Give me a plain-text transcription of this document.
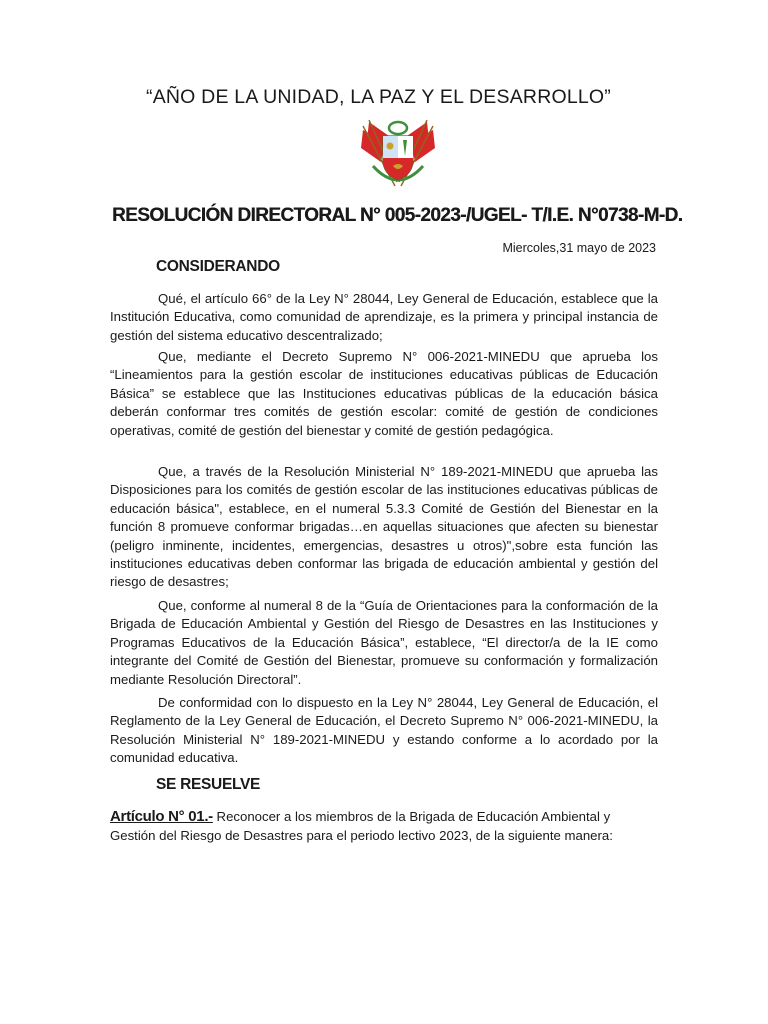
“AÑO DE LA UNIDAD, LA PAZ Y EL DESARROLLO”
RESOLUCIÓN DIRECTORAL N° 005-2023-/UGEL- T/I.E. N°0738-M-D.
Miercoles,31 mayo de 2023
CONSIDERANDO

Qué, el artículo 66° de la Ley N° 28044, Ley General de Educación, establece que la Institución Educativa, como comunidad de aprendizaje, es la primera y principal instancia de gestión del sistema educativo descentralizado;

Que, mediante el Decreto Supremo N° 006-2021-MINEDU que aprueba los “Lineamientos para la gestión escolar de instituciones educativas públicas de Educación Básica” se establece que las Instituciones educativas públicas de la educación básica deberán conformar tres comités de gestión escolar: comité de gestión de condiciones operativas, comité de gestión del bienestar y comité de gestión pedagógica.

Que, a través de la Resolución Ministerial N° 189-2021-MINEDU que aprueba las Disposiciones para los comités de gestión escolar de las instituciones educativas públicas de educación básica", establece, en el numeral 5.3.3 Comité de Gestión del Bienestar en la función 8 promueve conformar brigadas…en aquellas situaciones que afecten su bienestar (peligro inminente, incidentes, emergencias, desastres u otros)",sobre esta función las instituciones educativas deben conformar las brigada de educación ambiental y gestión del riesgo de desastres;

Que, conforme al numeral 8 de la “Guía de Orientaciones para la conformación de la Brigada de Educación Ambiental y Gestión del Riesgo de Desastres en las Instituciones y Programas Educativos de la Educación Básica”, establece, “El director/a de la IE como integrante del Comité de Gestión del Bienestar, promueve su conformación y formalización mediante Resolución Directoral”.

De conformidad con lo dispuesto en la Ley N° 28044, Ley General de Educación, el Reglamento de la Ley General de Educación, el Decreto Supremo N° 006-2021-MINEDU, la Resolución Ministerial N° 189-2021-MINEDU y estando conforme a lo acordado por la comunidad educativa.

SE RESUELVE

Artículo N° 01.- Reconocer a los miembros de la Brigada de Educación Ambiental y Gestión del Riesgo de Desastres para el periodo lectivo 2023, de la siguiente manera:
